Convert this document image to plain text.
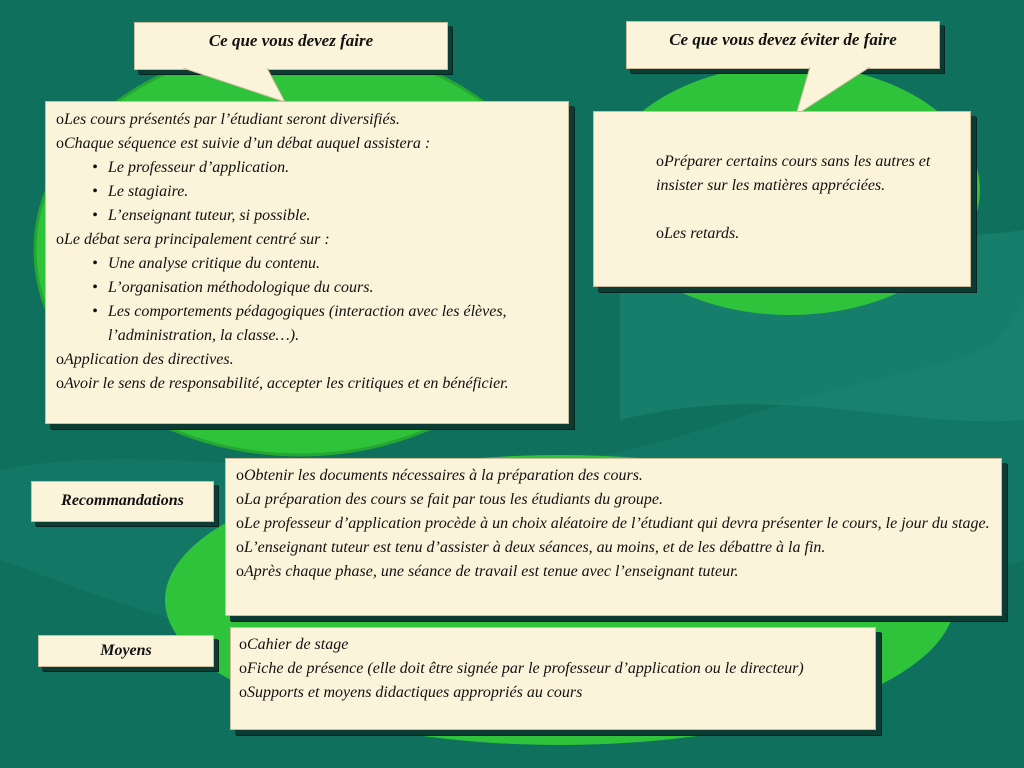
Ce que vous devez faire	Ce que vous devez éviter de faire

oLes cours présentés par l’étudiant seront diversifiés.

oChaque séquence est suivie d’un débat auquel assistera :

• Le professeur d’application.

• Le stagiaire.

• L’enseignant tuteur, si possible.

oLe débat sera principalement centré sur :

• Une analyse critique du contenu.

• L’organisation méthodologique du cours.

• Les comportements pédagogiques (interaction avec les élèves, l’administration, la classe…).

oApplication des directives.

oAvoir le sens de responsabilité, accepter les critiques et en bénéficier.

oPréparer certains cours sans les autres et

insister sur les matières appréciées.

oLes retards.

Recommandations

oObtenir les documents nécessaires à la préparation des cours.

oLa préparation des cours se fait par tous les étudiants du groupe.

oLe professeur d’application procède à un choix aléatoire de l’étudiant qui devra présenter le cours, le jour du stage.

oL’enseignant tuteur est tenu d’assister à deux séances, au moins, et de les débattre à la fin.

oAprès chaque phase, une séance de travail est tenue avec l’enseignant tuteur.

Moyens	oCahier de stage

oFiche de présence (elle doit être signée par le professeur d’application ou le directeur)

oSupports et moyens didactiques appropriés au cours
